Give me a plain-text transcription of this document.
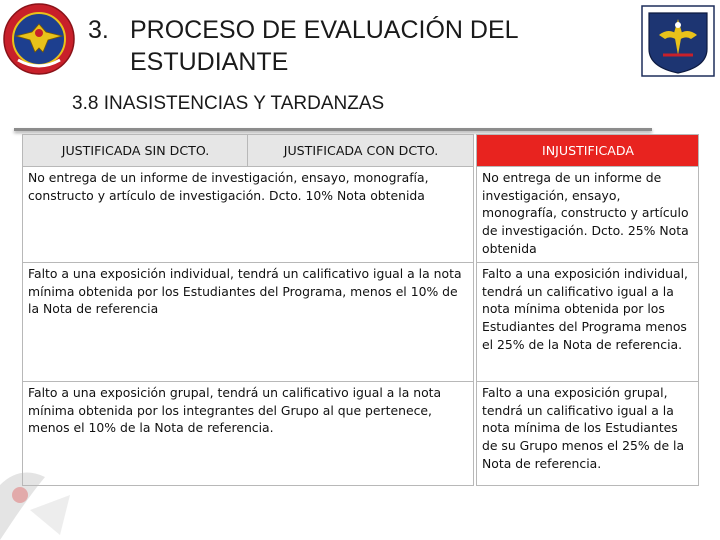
3. PROCESO DE EVALUACIÓN DEL
ESTUDIANTE
3.8 INASISTENCIAS Y TARDANZAS
JUSTIFICADA SIN DCTO.	JUSTIFICADA CON DCTO.		INJUSTIFICADA
No entrega de un informe de investigación, ensayo, monografía, constructo y artículo de investigación. Dcto. 10% Nota obtenida			No entrega de un informe de investigación, ensayo, monografía, constructo y artículo de investigación. Dcto. 25% Nota obtenida
Falto a una exposición individual, tendrá un calificativo igual a la nota mínima obtenida por los Estudiantes del Programa, menos el 10% de la Nota de referencia			Falto a una exposición individual, tendrá un calificativo igual a la nota mínima obtenida por los Estudiantes del Programa menos el 25% de la Nota de referencia.
Falto a una exposición grupal, tendrá un calificativo igual a la nota mínima obtenida por los integrantes del Grupo al que pertenece, menos el 10% de la Nota de referencia.			Falto a una exposición grupal, tendrá un calificativo igual a la nota mínima de los Estudiantes de su Grupo menos el 25% de la Nota de referencia.
